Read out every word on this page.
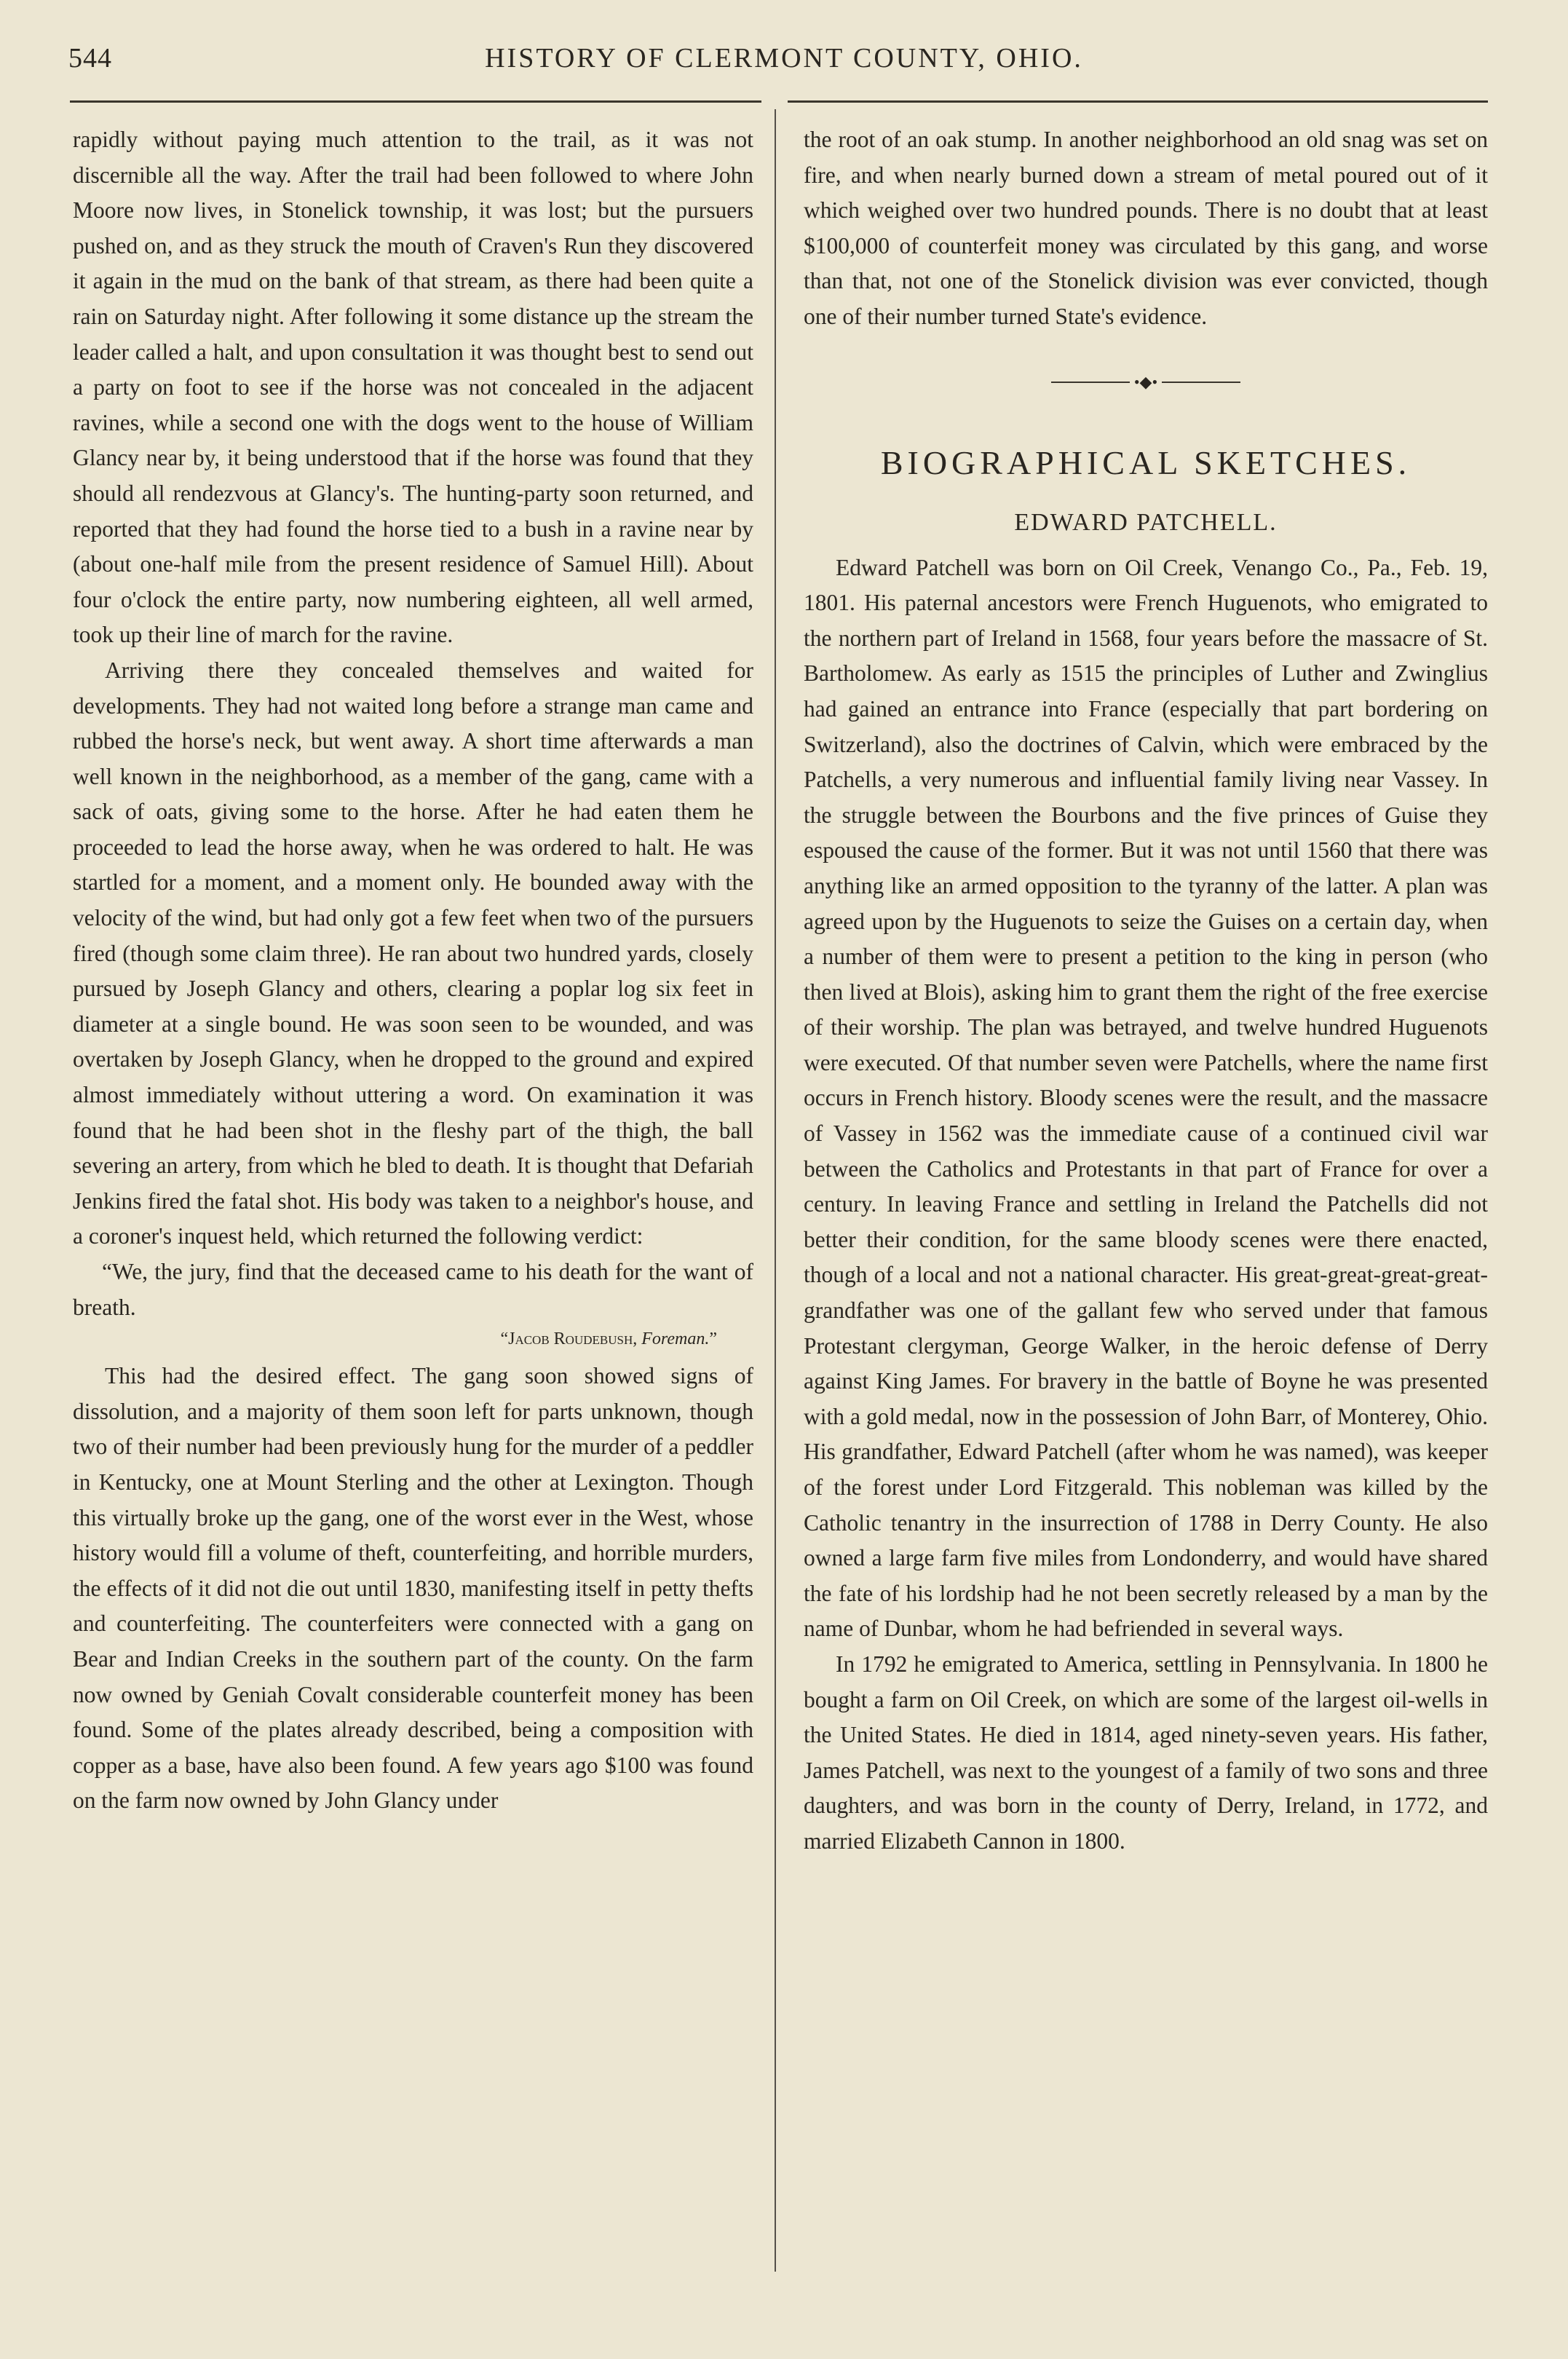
544	HISTORY OF CLERMONT COUNTY, OHIO.

rapidly without paying much attention to the trail, as it was not discernible all the way. After the trail had been followed to where John Moore now lives, in Stonelick township, it was lost; but the pursuers pushed on, and as they struck the mouth of Craven's Run they discovered it again in the mud on the bank of that stream, as there had been quite a rain on Saturday night. After following it some distance up the stream the leader called a halt, and upon consultation it was thought best to send out a party on foot to see if the horse was not concealed in the adjacent ravines, while a second one with the dogs went to the house of William Glancy near by, it being understood that if the horse was found that they should all rendezvous at Glancy's. The hunting-party soon returned, and reported that they had found the horse tied to a bush in a ravine near by (about one-half mile from the present residence of Samuel Hill). About four o'clock the entire party, now numbering eighteen, all well armed, took up their line of march for the ravine.

Arriving there they concealed themselves and waited for developments. They had not waited long before a strange man came and rubbed the horse's neck, but went away. A short time afterwards a man well known in the neighborhood, as a member of the gang, came with a sack of oats, giving some to the horse. After he had eaten them he proceeded to lead the horse away, when he was ordered to halt. He was startled for a moment, and a moment only. He bounded away with the velocity of the wind, but had only got a few feet when two of the pursuers fired (though some claim three). He ran about two hundred yards, closely pursued by Joseph Glancy and others, clearing a poplar log six feet in diameter at a single bound. He was soon seen to be wounded, and was overtaken by Joseph Glancy, when he dropped to the ground and expired almost immediately without uttering a word. On examination it was found that he had been shot in the fleshy part of the thigh, the ball severing an artery, from which he bled to death. It is thought that Defariah Jenkins fired the fatal shot. His body was taken to a neighbor's house, and a coroner's inquest held, which returned the following verdict:

“We, the jury, find that the deceased came to his death for the want of breath.

“Jacob Roudebush, Foreman.”

This had the desired effect. The gang soon showed signs of dissolution, and a majority of them soon left for parts unknown, though two of their number had been previously hung for the murder of a peddler in Kentucky, one at Mount Sterling and the other at Lexington. Though this virtually broke up the gang, one of the worst ever in the West, whose history would fill a volume of theft, counterfeiting, and horrible murders, the effects of it did not die out until 1830, manifesting itself in petty thefts and counterfeiting. The counterfeiters were connected with a gang on Bear and Indian Creeks in the southern part of the county. On the farm now owned by Geniah Covalt considerable counterfeit money has been found. Some of the plates already described, being a composition with copper as a base, have also been found. A few years ago $100 was found on the farm now owned by John Glancy under

the root of an oak stump. In another neighborhood an old snag was set on fire, and when nearly burned down a stream of metal poured out of it which weighed over two hundred pounds. There is no doubt that at least $100,000 of counterfeit money was circulated by this gang, and worse than that, not one of the Stonelick division was ever convicted, though one of their number turned State's evidence.

•◆•
BIOGRAPHICAL SKETCHES.
EDWARD PATCHELL.

Edward Patchell was born on Oil Creek, Venango Co., Pa., Feb. 19, 1801. His paternal ancestors were French Huguenots, who emigrated to the northern part of Ireland in 1568, four years before the massacre of St. Bartholomew. As early as 1515 the principles of Luther and Zwinglius had gained an entrance into France (especially that part bordering on Switzerland), also the doctrines of Calvin, which were embraced by the Patchells, a very numerous and influential family living near Vassey. In the struggle between the Bourbons and the five princes of Guise they espoused the cause of the former. But it was not until 1560 that there was anything like an armed opposition to the tyranny of the latter. A plan was agreed upon by the Huguenots to seize the Guises on a certain day, when a number of them were to present a petition to the king in person (who then lived at Blois), asking him to grant them the right of the free exercise of their worship. The plan was betrayed, and twelve hundred Huguenots were executed. Of that number seven were Patchells, where the name first occurs in French history. Bloody scenes were the result, and the massacre of Vassey in 1562 was the immediate cause of a continued civil war between the Catholics and Protestants in that part of France for over a century. In leaving France and settling in Ireland the Patchells did not better their condition, for the same bloody scenes were there enacted, though of a local and not a national character. His great-great-great-great-grandfather was one of the gallant few who served under that famous Protestant clergyman, George Walker, in the heroic defense of Derry against King James. For bravery in the battle of Boyne he was presented with a gold medal, now in the possession of John Barr, of Monterey, Ohio. His grandfather, Edward Patchell (after whom he was named), was keeper of the forest under Lord Fitzgerald. This nobleman was killed by the Catholic tenantry in the insurrection of 1788 in Derry County. He also owned a large farm five miles from Londonderry, and would have shared the fate of his lordship had he not been secretly released by a man by the name of Dunbar, whom he had befriended in several ways.

In 1792 he emigrated to America, settling in Pennsylvania. In 1800 he bought a farm on Oil Creek, on which are some of the largest oil-wells in the United States. He died in 1814, aged ninety-seven years. His father, James Patchell, was next to the youngest of a family of two sons and three daughters, and was born in the county of Derry, Ireland, in 1772, and married Elizabeth Cannon in 1800.
